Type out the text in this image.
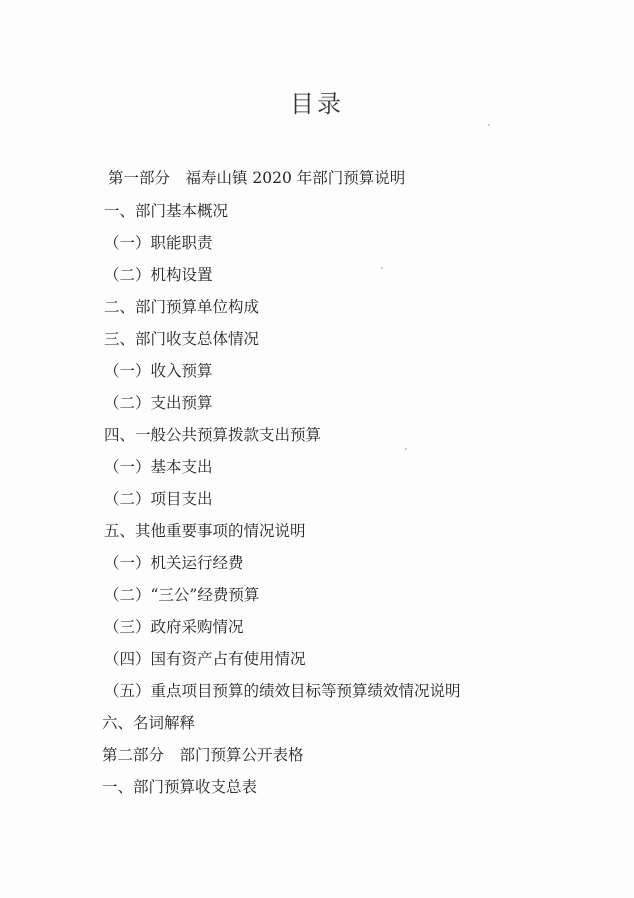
目录
第一部分　福寿山镇 2020 年部门预算说明
一、部门基本概况
（一）职能职责
（二）机构设置
二、部门预算单位构成
三、部门收支总体情况
（一）收入预算
（二）支出预算
四、一般公共预算拨款支出预算
（一）基本支出
（二）项目支出
五、其他重要事项的情况说明
（一）机关运行经费
（二）“三公”经费预算
（三）政府采购情况
（四）国有资产占有使用情况
（五）重点项目预算的绩效目标等预算绩效情况说明
六、名词解释
第二部分　部门预算公开表格
一、部门预算收支总表
